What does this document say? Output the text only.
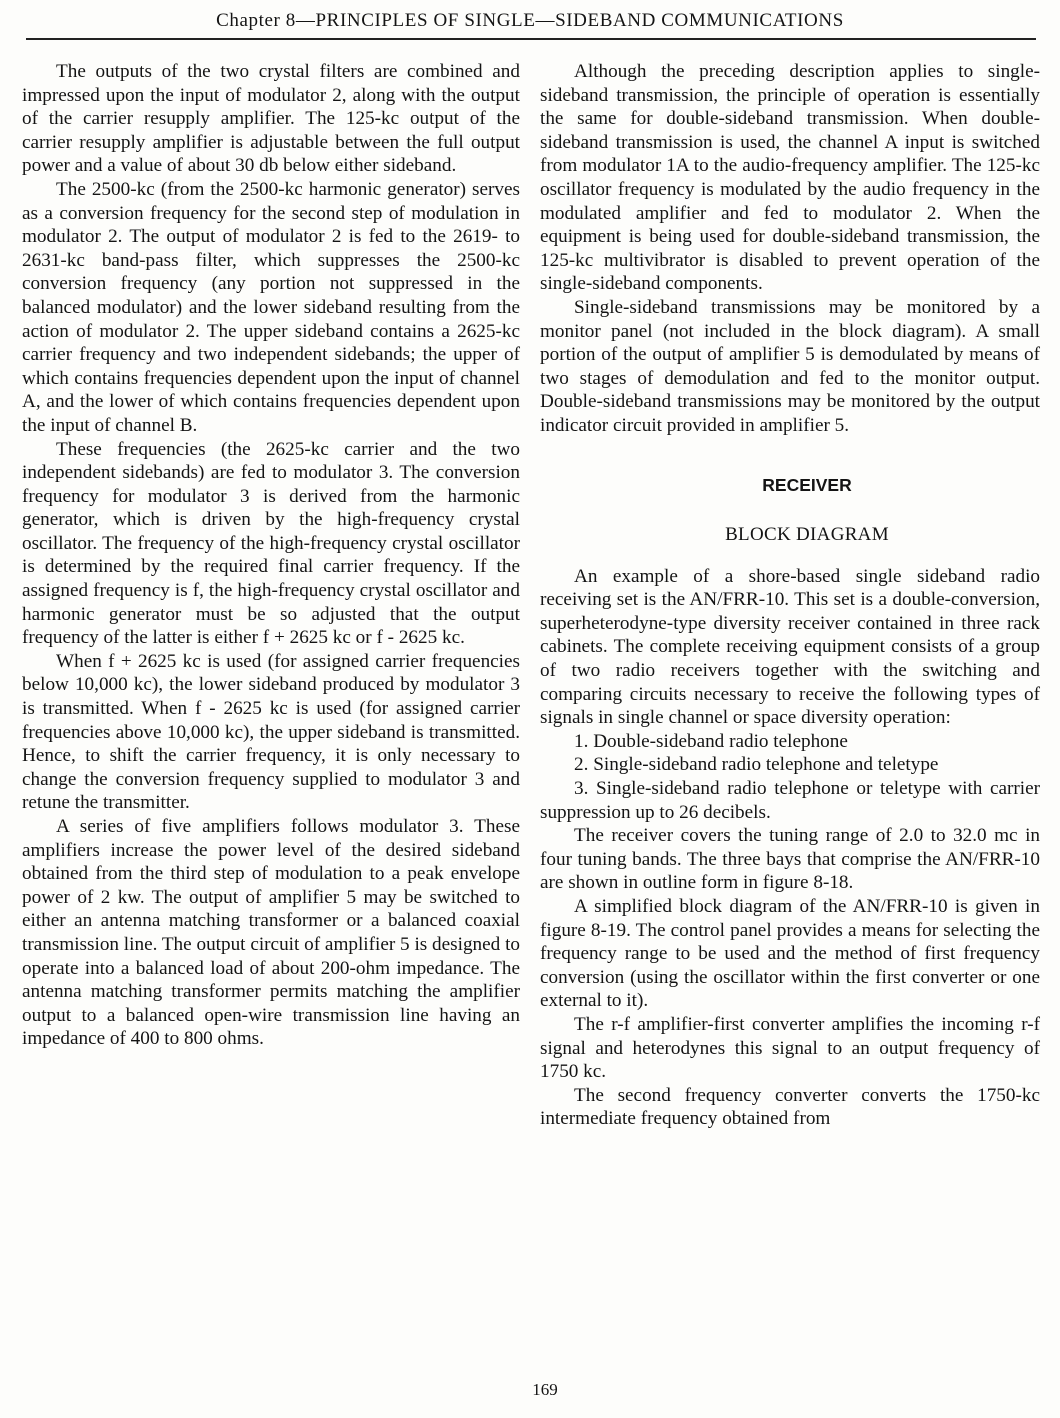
Chapter 8—PRINCIPLES OF SINGLE—SIDEBAND COMMUNICATIONS

The outputs of the two crystal filters are combined and impressed upon the input of modulator 2, along with the output of the carrier resupply amplifier. The 125-kc output of the carrier resupply amplifier is adjustable between the full output power and a value of about 30 db below either sideband.

The 2500-kc (from the 2500-kc harmonic generator) serves as a conversion frequency for the second step of modulation in modulator 2. The output of modulator 2 is fed to the 2619- to 2631-kc band-pass filter, which suppresses the 2500-kc conversion frequency (any portion not suppressed in the balanced modulator) and the lower sideband resulting from the action of modulator 2. The upper sideband contains a 2625-kc carrier frequency and two independent sidebands; the upper of which contains frequencies dependent upon the input of channel A, and the lower of which contains frequencies dependent upon the input of channel B.

These frequencies (the 2625-kc carrier and the two independent sidebands) are fed to modulator 3. The conversion frequency for modulator 3 is derived from the harmonic generator, which is driven by the high-frequency crystal oscillator. The frequency of the high-frequency crystal oscillator is determined by the required final carrier frequency. If the assigned frequency is f, the high-frequency crystal oscillator and harmonic generator must be so adjusted that the output frequency of the latter is either f + 2625 kc or f - 2625 kc.

When f + 2625 kc is used (for assigned carrier frequencies below 10,000 kc), the lower sideband produced by modulator 3 is transmitted. When f - 2625 kc is used (for assigned carrier frequencies above 10,000 kc), the upper sideband is transmitted. Hence, to shift the carrier frequency, it is only necessary to change the conversion frequency supplied to modulator 3 and retune the transmitter.

A series of five amplifiers follows modulator 3. These amplifiers increase the power level of the desired sideband obtained from the third step of modulation to a peak envelope power of 2 kw. The output of amplifier 5 may be switched to either an antenna matching transformer or a balanced coaxial transmission line. The output circuit of amplifier 5 is designed to operate into a balanced load of about 200-ohm impedance. The antenna matching transformer permits matching the amplifier output to a balanced open-wire transmission line having an impedance of 400 to 800 ohms.

Although the preceding description applies to single-sideband transmission, the principle of operation is essentially the same for double-sideband transmission. When double-sideband transmission is used, the channel A input is switched from modulator 1A to the audio-frequency amplifier. The 125-kc oscillator frequency is modulated by the audio frequency in the modulated amplifier and fed to modulator 2. When the equipment is being used for double-sideband transmission, the 125-kc multivibrator is disabled to prevent operation of the single-sideband components.

Single-sideband transmissions may be monitored by a monitor panel (not included in the block diagram). A small portion of the output of amplifier 5 is demodulated by means of two stages of demodulation and fed to the monitor output. Double-sideband transmissions may be monitored by the output indicator circuit provided in amplifier 5.

RECEIVER

BLOCK DIAGRAM

An example of a shore-based single sideband radio receiving set is the AN/FRR-10. This set is a double-conversion, superheterodyne-type diversity receiver contained in three rack cabinets. The complete receiving equipment consists of a group of two radio receivers together with the switching and comparing circuits necessary to receive the following types of signals in single channel or space diversity operation:

1. Double-sideband radio telephone

2. Single-sideband radio telephone and teletype

3. Single-sideband radio telephone or teletype with carrier suppression up to 26 decibels.

The receiver covers the tuning range of 2.0 to 32.0 mc in four tuning bands. The three bays that comprise the AN/FRR-10 are shown in outline form in figure 8-18.

A simplified block diagram of the AN/FRR-10 is given in figure 8-19. The control panel provides a means for selecting the frequency range to be used and the method of first frequency conversion (using the oscillator within the first converter or one external to it).

The r-f amplifier-first converter amplifies the incoming r-f signal and heterodynes this signal to an output frequency of 1750 kc.

The second frequency converter converts the 1750-kc intermediate frequency obtained from

169
